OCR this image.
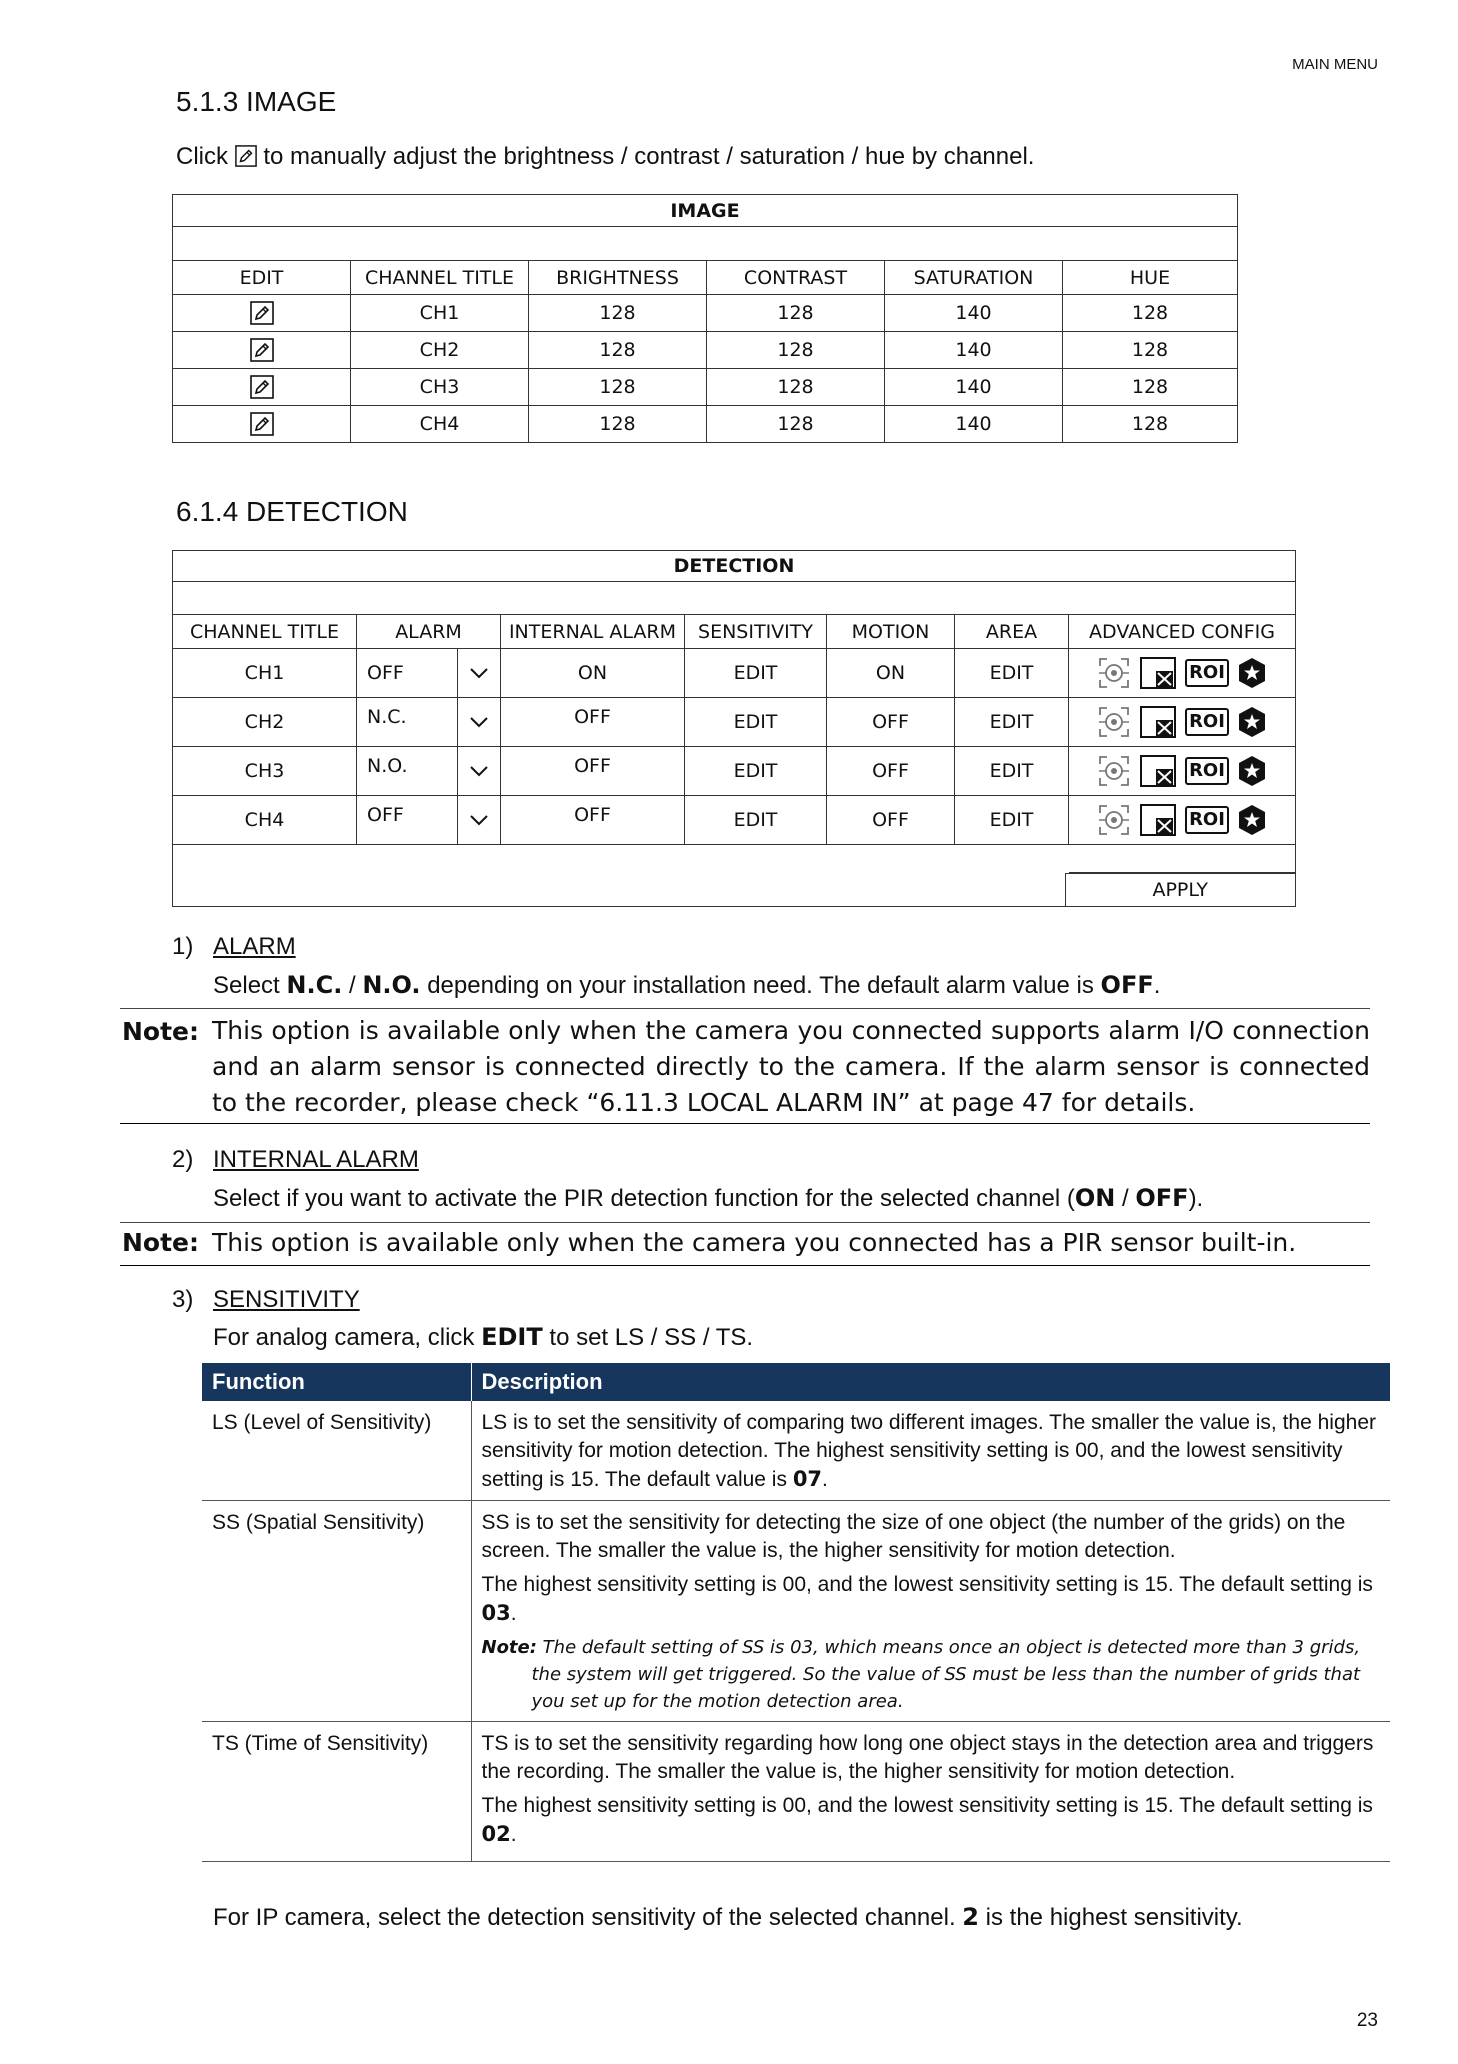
MAIN MENU
23
5.1.3 IMAGE
Click to manually adjust the brightness / contrast / saturation / hue by channel.
IMAGE					

EDIT	CHANNEL TITLE	BRIGHTNESS	CONTRAST	SATURATION	HUE

	CH1	128	128	140	128

	CH2	128	128	140	128

	CH3	128	128	140	128

	CH4	128	128	140	128
6.1.4 DETECTION
DETECTION							

CHANNEL TITLE	ALARM		INTERNAL ALARM	SENSITIVITY	MOTION	AREA	ADVANCED CONFIG
CH1	OFF		ON	EDIT	ON	EDIT	ROI

CH2	N.C.		OFF	EDIT	OFF	EDIT	ROI

CH3	N.O.		OFF	EDIT	OFF	EDIT	ROI

CH4	OFF		OFF	EDIT	OFF	EDIT	ROI

							APPLY
1) ALARM
Select N.C. / N.O. depending on your installation need. The default alarm value is OFF.
Note: This option is available only when the camera you connected supports alarm I/O connection and an alarm sensor is connected directly to the camera. If the alarm sensor is connected to the recorder, please check “6.11.3 LOCAL ALARM IN” at page 47 for details.
2) INTERNAL ALARM
Select if you want to activate the PIR detection function for the selected channel (ON / OFF).
Note: This option is available only when the camera you connected has a PIR sensor built-in.
3) SENSITIVITY
For analog camera, click EDIT to set LS / SS / TS.
Function	Description
LS (Level of Sensitivity)	LS is to set the sensitivity of comparing two different images. The smaller the value is, the higher sensitivity for motion detection. The highest sensitivity setting is 00, and the lowest sensitivity setting is 15. The default value is 07.
SS (Spatial Sensitivity)	SS is to set the sensitivity for detecting the size of one object (the number of the grids) on the screen. The smaller the value is, the higher sensitivity for motion detection.

The highest sensitivity setting is 00, and the lowest sensitivity setting is 15. The default setting is 03.

Note: The default setting of SS is 03, which means once an object is detected more than 3 grids, the system will get triggered. So the value of SS must be less than the number of grids that you set up for the motion detection area.

TS (Time of Sensitivity)	TS is to set the sensitivity regarding how long one object stays in the detection area and triggers the recording. The smaller the value is, the higher sensitivity for motion detection.

The highest sensitivity setting is 00, and the lowest sensitivity setting is 15. The default setting is 02.

For IP camera, select the detection sensitivity of the selected channel. 2 is the highest sensitivity.
